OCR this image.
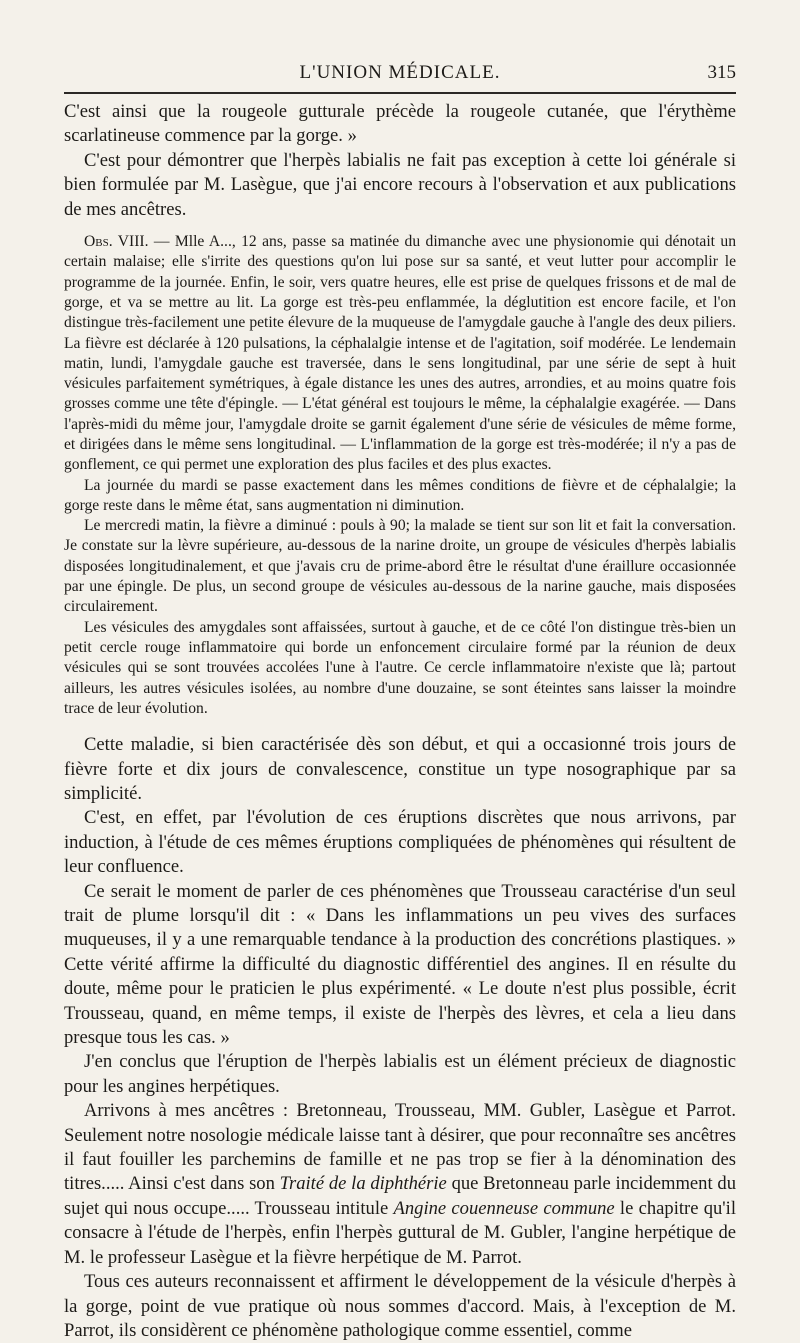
L'UNION MÉDICALE.	315

C'est ainsi que la rougeole gutturale précède la rougeole cutanée, que l'érythème scarlatineuse commence par la gorge. »

C'est pour démontrer que l'herpès labialis ne fait pas exception à cette loi générale si bien formulée par M. Lasègue, que j'ai encore recours à l'observation et aux publications de mes ancêtres.

Obs. VIII. — Mlle A..., 12 ans, passe sa matinée du dimanche avec une physionomie qui dénotait un certain malaise; elle s'irrite des questions qu'on lui pose sur sa santé, et veut lutter pour accomplir le programme de la journée. Enfin, le soir, vers quatre heures, elle est prise de quelques frissons et de mal de gorge, et va se mettre au lit. La gorge est très-peu enflammée, la déglutition est encore facile, et l'on distingue très-facilement une petite élevure de la muqueuse de l'amygdale gauche à l'angle des deux piliers. La fièvre est déclarée à 120 pulsations, la céphalalgie intense et de l'agitation, soif modérée. Le lendemain matin, lundi, l'amygdale gauche est traversée, dans le sens longitudinal, par une série de sept à huit vésicules parfaitement symétriques, à égale distance les unes des autres, arrondies, et au moins quatre fois grosses comme une tête d'épingle. — L'état général est toujours le même, la céphalalgie exagérée. — Dans l'après-midi du même jour, l'amygdale droite se garnit également d'une série de vésicules de même forme, et dirigées dans le même sens longitudinal. — L'inflammation de la gorge est très-modérée; il n'y a pas de gonflement, ce qui permet une exploration des plus faciles et des plus exactes.

La journée du mardi se passe exactement dans les mêmes conditions de fièvre et de céphalalgie; la gorge reste dans le même état, sans augmentation ni diminution.

Le mercredi matin, la fièvre a diminué : pouls à 90; la malade se tient sur son lit et fait la conversation. Je constate sur la lèvre supérieure, au-dessous de la narine droite, un groupe de vésicules d'herpès labialis disposées longitudinalement, et que j'avais cru de prime-abord être le résultat d'une éraillure occasionnée par une épingle. De plus, un second groupe de vésicules au-dessous de la narine gauche, mais disposées circulairement.

Les vésicules des amygdales sont affaissées, surtout à gauche, et de ce côté l'on distingue très-bien un petit cercle rouge inflammatoire qui borde un enfoncement circulaire formé par la réunion de deux vésicules qui se sont trouvées accolées l'une à l'autre. Ce cercle inflammatoire n'existe que là; partout ailleurs, les autres vésicules isolées, au nombre d'une douzaine, se sont éteintes sans laisser la moindre trace de leur évolution.

Cette maladie, si bien caractérisée dès son début, et qui a occasionné trois jours de fièvre forte et dix jours de convalescence, constitue un type nosographique par sa simplicité.

C'est, en effet, par l'évolution de ces éruptions discrètes que nous arrivons, par induction, à l'étude de ces mêmes éruptions compliquées de phénomènes qui résultent de leur confluence.

Ce serait le moment de parler de ces phénomènes que Trousseau caractérise d'un seul trait de plume lorsqu'il dit : « Dans les inflammations un peu vives des surfaces muqueuses, il y a une remarquable tendance à la production des concrétions plastiques. » Cette vérité affirme la difficulté du diagnostic différentiel des angines. Il en résulte du doute, même pour le praticien le plus expérimenté. « Le doute n'est plus possible, écrit Trousseau, quand, en même temps, il existe de l'herpès des lèvres, et cela a lieu dans presque tous les cas. »

J'en conclus que l'éruption de l'herpès labialis est un élément précieux de diagnostic pour les angines herpétiques.

Arrivons à mes ancêtres : Bretonneau, Trousseau, MM. Gubler, Lasègue et Parrot. Seulement notre nosologie médicale laisse tant à désirer, que pour reconnaître ses ancêtres il faut fouiller les parchemins de famille et ne pas trop se fier à la dénomination des titres..... Ainsi c'est dans son Traité de la diphthérie que Bretonneau parle incidemment du sujet qui nous occupe..... Trousseau intitule Angine couenneuse commune le chapitre qu'il consacre à l'étude de l'herpès, enfin l'herpès guttural de M. Gubler, l'angine herpétique de M. le professeur Lasègue et la fièvre herpétique de M. Parrot.

Tous ces auteurs reconnaissent et affirment le développement de la vésicule d'herpès à la gorge, point de vue pratique où nous sommes d'accord. Mais, à l'exception de M. Parrot, ils considèrent ce phénomène pathologique comme essentiel, comme
